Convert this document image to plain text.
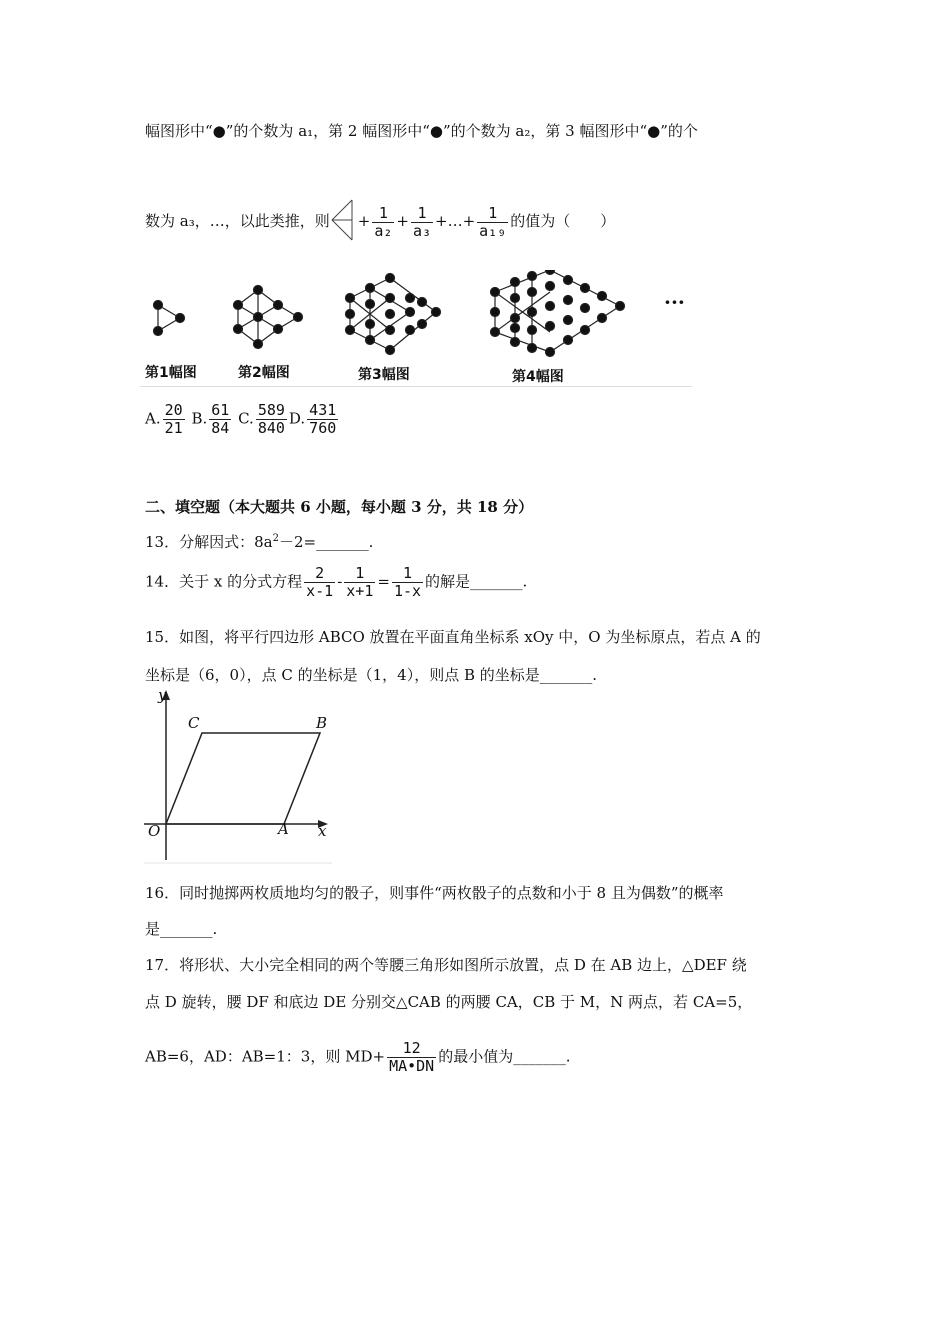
幅图形中“●”的个数为 a₁，第 2 幅图形中“●”的个数为 a₂，第 3 幅图形中“●”的个
数为 a₃，…，以此类推，则 + $\frac{1}{\text{a₂}} + \frac{1}{\text{a₃}}$ +…+ $\frac{1}{\text{a₁₉}}$ 的值为（　　）
第1幅图	第2幅图	第3幅图	第4幅图
···
A. $\frac{20}{21} B$. $\frac{61}{84} C$. $\frac{589}{840} D$. $\frac{431}{760}$
二、填空题（本大题共 6 小题，每小题 3 分，共 18 分）
13．分解因式：$8a^2-2=\_\_\_\_\_\_\_$.
14．关于 x 的分式方程 $\frac{2}{x-1} - \frac{1}{x+1} = \frac{1}{1-x}$ 的解是_______.
15．如图，将平行四边形 ABCO 放置在平面直角坐标系 xOy 中，O 为坐标原点，若点 A 的
坐标是（6，0），点 C 的坐标是（1，4），则点 B 的坐标是_______.
y
C	B
O	A x
16．同时抛掷两枚质地均匀的骰子，则事件“两枚骰子的点数和小于 8 且为偶数”的概率
是_______.
17．将形状、大小完全相同的两个等腰三角形如图所示放置，点 D 在 AB 边上，△DEF 绕
点 D 旋转，腰 DF 和底边 DE 分别交△CAB 的两腰 CA，CB 于 M，N 两点，若 CA=5，
AB=6，AD：AB=1：3，则 $MD+ \frac{12}{MA•DN}$ 的最小值为_______.
